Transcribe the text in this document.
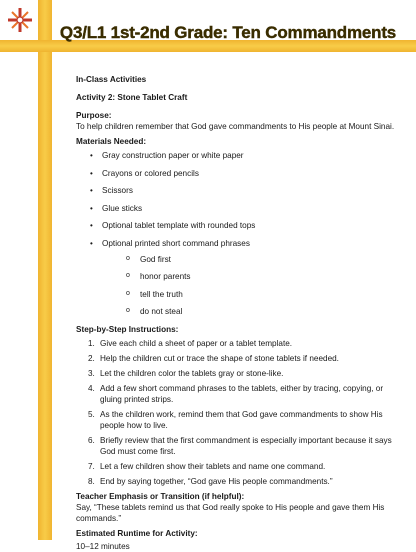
Q3/L1 1st-2nd Grade: Ten Commandments

In-Class Activities

Activity 2: Stone Tablet Craft

Purpose:

To help children remember that God gave commandments to His people at Mount Sinai.

Materials Needed:

• Gray construction paper or white paper
• Crayons or colored pencils
• Scissors
• Glue sticks
• Optional tablet template with rounded tops
• Optional printed short command phrases
o God first
o honor parents
o tell the truth
o do not steal

Step-by-Step Instructions:

1. Give each child a sheet of paper or a tablet template.
2. Help the children cut or trace the shape of stone tablets if needed.
3. Let the children color the tablets gray or stone-like.
4. Add a few short command phrases to the tablets, either by tracing, copying, or gluing printed strips.
5. As the children work, remind them that God gave commandments to show His people how to live.
6. Briefly review that the first commandment is especially important because it says God must come first.
7. Let a few children show their tablets and name one command.
8. End by saying together, “God gave His people commandments.”

Teacher Emphasis or Transition (if helpful):

Say, “These tablets remind us that God really spoke to His people and gave them His commands.”

Estimated Runtime for Activity:

10–12 minutes
